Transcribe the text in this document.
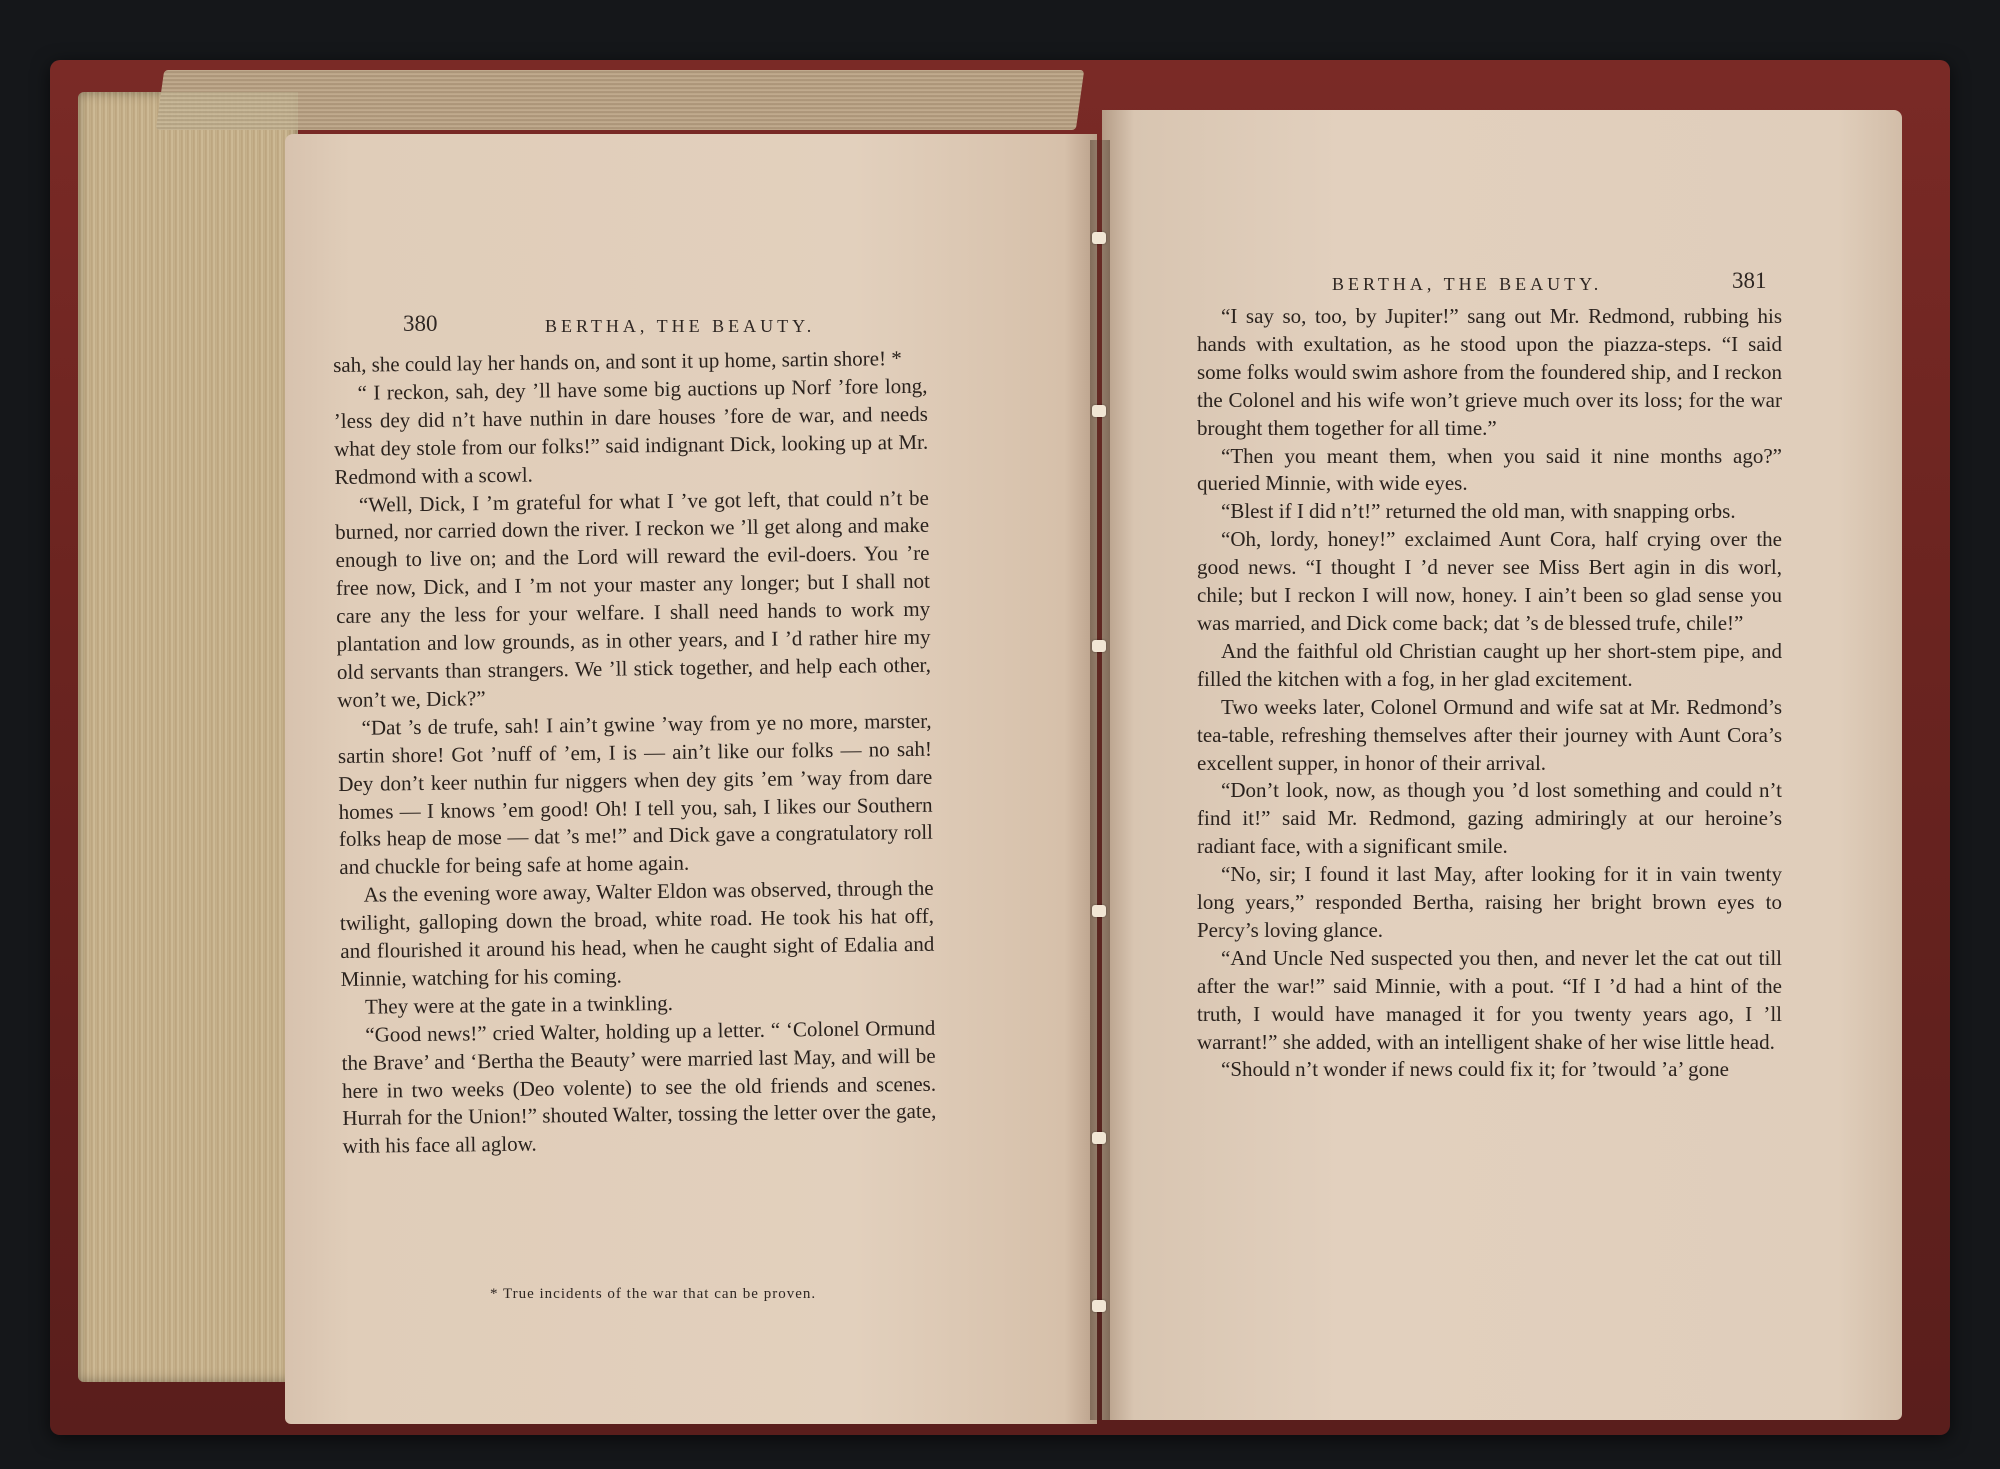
380	BERTHA, THE BEAUTY.

sah, she could lay her hands on, and sont it up home, sartin shore! *

“ I reckon, sah, dey ’ll have some big auctions up Norf ’fore long, ’less dey did n’t have nuthin in dare houses ’fore de war, and needs what dey stole from our folks!” said indignant Dick, looking up at Mr. Redmond with a scowl.

“Well, Dick, I ’m grateful for what I ’ve got left, that could n’t be burned, nor carried down the river. I reckon we ’ll get along and make enough to live on; and the Lord will reward the evil-doers. You ’re free now, Dick, and I ’m not your master any longer; but I shall not care any the less for your welfare. I shall need hands to work my plantation and low grounds, as in other years, and I ’d rather hire my old servants than strangers. We ’ll stick together, and help each other, won’t we, Dick?”

“Dat ’s de trufe, sah! I ain’t gwine ’way from ye no more, marster, sartin shore! Got ’nuff of ’em, I is — ain’t like our folks — no sah! Dey don’t keer nuthin fur niggers when dey gits ’em ’way from dare homes — I knows ’em good! Oh! I tell you, sah, I likes our Southern folks heap de mose — dat ’s me!” and Dick gave a congratulatory roll and chuckle for being safe at home again.

As the evening wore away, Walter Eldon was observed, through the twilight, galloping down the broad, white road. He took his hat off, and flourished it around his head, when he caught sight of Edalia and Minnie, watching for his coming.

They were at the gate in a twinkling.

“Good news!” cried Walter, holding up a letter. “ ‘Colonel Ormund the Brave’ and ‘Bertha the Beauty’ were married last May, and will be here in two weeks (Deo volente) to see the old friends and scenes. Hurrah for the Union!” shouted Walter, tossing the letter over the gate, with his face all aglow.

* True incidents of the war that can be proven.
BERTHA, THE BEAUTY.	381

“I say so, too, by Jupiter!” sang out Mr. Redmond, rubbing his hands with exultation, as he stood upon the piazza-steps. “I said some folks would swim ashore from the foundered ship, and I reckon the Colonel and his wife won’t grieve much over its loss; for the war brought them together for all time.”

“Then you meant them, when you said it nine months ago?” queried Minnie, with wide eyes.

“Blest if I did n’t!” returned the old man, with snapping orbs.

“Oh, lordy, honey!” exclaimed Aunt Cora, half crying over the good news. “I thought I ’d never see Miss Bert agin in dis worl, chile; but I reckon I will now, honey. I ain’t been so glad sense you was married, and Dick come back; dat ’s de blessed trufe, chile!”

And the faithful old Christian caught up her short-stem pipe, and filled the kitchen with a fog, in her glad excitement.

Two weeks later, Colonel Ormund and wife sat at Mr. Redmond’s tea-table, refreshing themselves after their journey with Aunt Cora’s excellent supper, in honor of their arrival.

“Don’t look, now, as though you ’d lost something and could n’t find it!” said Mr. Redmond, gazing admiringly at our heroine’s radiant face, with a significant smile.

“No, sir; I found it last May, after looking for it in vain twenty long years,” responded Bertha, raising her bright brown eyes to Percy’s loving glance.

“And Uncle Ned suspected you then, and never let the cat out till after the war!” said Minnie, with a pout. “If I ’d had a hint of the truth, I would have managed it for you twenty years ago, I ’ll warrant!” she added, with an intelligent shake of her wise little head.

“Should n’t wonder if news could fix it; for ’twould ’a’ gone
